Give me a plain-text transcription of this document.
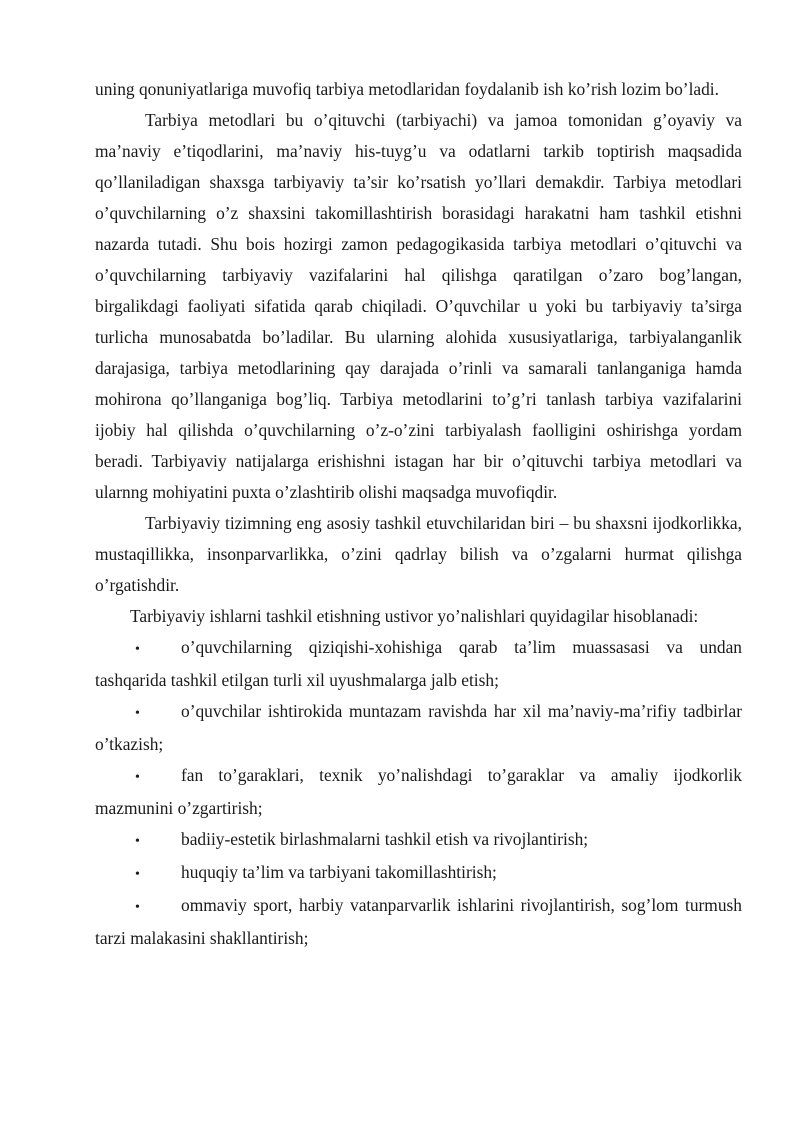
uning qonuniyatlariga muvofiq tarbiya metodlaridan foydalanib ish ko’rish lozim bo’ladi.

Tarbiya metodlari bu o’qituvchi (tarbiyachi) va jamoa tomonidan g’oyaviy va ma’naviy e’tiqodlarini, ma’naviy his-tuyg’u va odatlarni tarkib toptirish maqsadida qo’llaniladigan shaxsga tarbiyaviy ta’sir ko’rsatish yo’llari demakdir. Tarbiya metodlari o’quvchilarning o’z shaxsini takomillashtirish borasidagi harakatni ham tashkil etishni nazarda tutadi. Shu bois hozirgi zamon pedagogikasida tarbiya metodlari o’qituvchi va o’quvchilarning tarbiyaviy vazifalarini hal qilishga qaratilgan o’zaro bog’langan, birgalikdagi faoliyati sifatida qarab chiqiladi. O’quvchilar u yoki bu tarbiyaviy ta’sirga turlicha munosabatda bo’ladilar. Bu ularning alohida xususiyatlariga, tarbiyalanganlik darajasiga, tarbiya metodlarining qay darajada o’rinli va samarali tanlanganiga hamda mohirona qo’llanganiga bog’liq. Tarbiya metodlarini to’g’ri tanlash tarbiya vazifalarini ijobiy hal qilishda o’quvchilarning o’z-o’zini tarbiyalash faolligini oshirishga yordam beradi. Tarbiyaviy natijalarga erishishni istagan har bir o’qituvchi tarbiya metodlari va ularnng mohiyatini puxta o’zlashtirib olishi maqsadga muvofiqdir.

Tarbiyaviy tizimning eng asosiy tashkil etuvchilaridan biri – bu shaxsni ijodkorlikka, mustaqillikka, insonparvarlikka, o’zini qadrlay bilish va o’zgalarni hurmat qilishga o’rgatishdir.

Tarbiyaviy ishlarni tashkil etishning ustivor yo’nalishlari quyidagilar hisoblanadi:

• o’quvchilarning qiziqishi-xohishiga qarab ta’lim muassasasi va undan tashqarida tashkil etilgan turli xil uyushmalarga jalb etish;

• o’quvchilar ishtirokida muntazam ravishda har xil ma’naviy-ma’rifiy tadbirlar o’tkazish;

• fan to’garaklari, texnik yo’nalishdagi to’garaklar va amaliy ijodkorlik mazmunini o’zgartirish;

• badiiy-estetik birlashmalarni tashkil etish va rivojlantirish;

• huquqiy ta’lim va tarbiyani takomillashtirish;

• ommaviy sport, harbiy vatanparvarlik ishlarini rivojlantirish, sog’lom turmush tarzi malakasini shakllantirish;
